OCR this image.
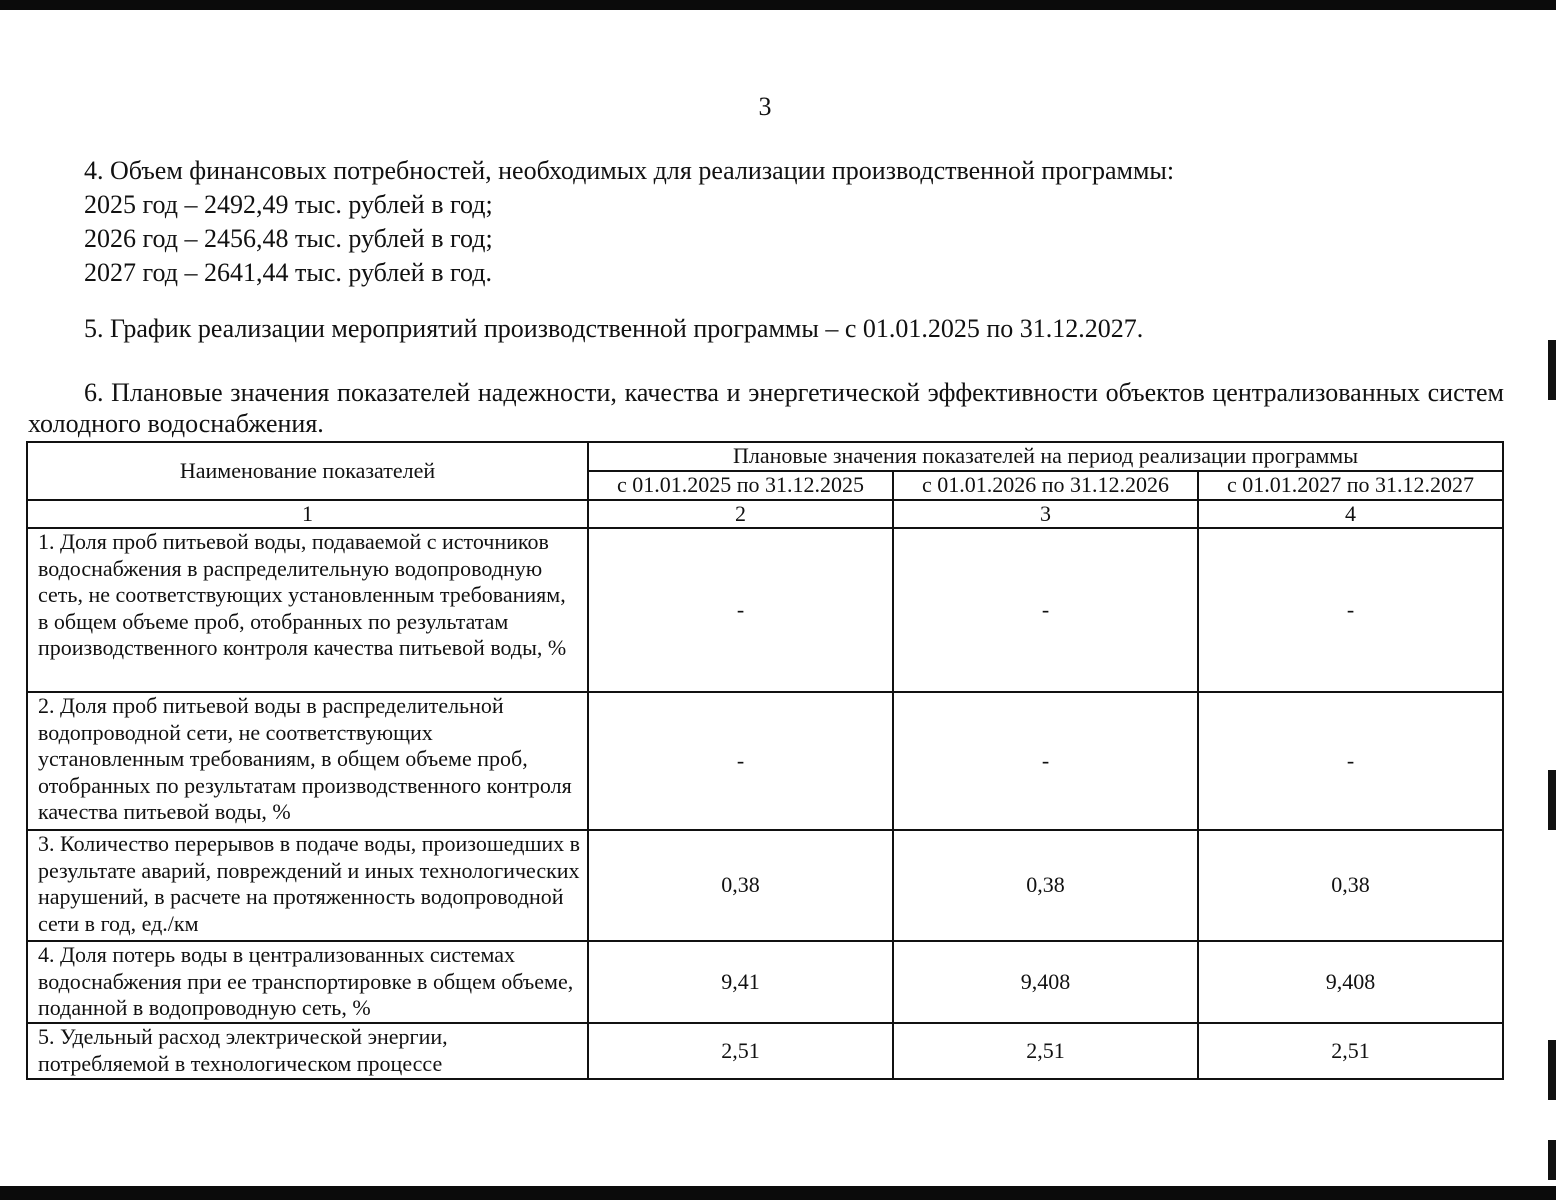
3
4. Объем финансовых потребностей, необходимых для реализации производственной программы:
2025 год – 2492,49 тыс. рублей в год;
2026 год – 2456,48 тыс. рублей в год;
2027 год – 2641,44 тыс. рублей в год.
5. График реализации мероприятий производственной программы – с 01.01.2025 по 31.12.2027.
6. Плановые значения показателей надежности, качества и энергетической эффективности объектов централизованных систем холодного водоснабжения.
Наименование показателей	Плановые значения показателей на период реализации программы		
	с 01.01.2025 по 31.12.2025	с 01.01.2026 по 31.12.2026	с 01.01.2027 по 31.12.2027
1	2	3	4
1. Доля проб питьевой воды, подаваемой с источников водоснабжения в распределительную водопроводную сеть, не соответствующих установленным требованиям, в общем объеме проб, отобранных по результатам производственного контроля качества питьевой воды, %	-	-	-
2. Доля проб питьевой воды в распределительной водопроводной сети, не соответствующих установленным требованиям, в общем объеме проб, отобранных по результатам производственного контроля качества питьевой воды, %	-	-	-
3. Количество перерывов в подаче воды, произошедших в результате аварий, повреждений и иных технологических нарушений, в расчете на протяженность водопроводной сети в год, ед./км	0,38	0,38	0,38
4. Доля потерь воды в централизованных системах водоснабжения при ее транспортировке в общем объеме, поданной в водопроводную сеть, %	9,41	9,408	9,408
5. Удельный расход электрической энергии, потребляемой в технологическом процессе	2,51	2,51	2,51
